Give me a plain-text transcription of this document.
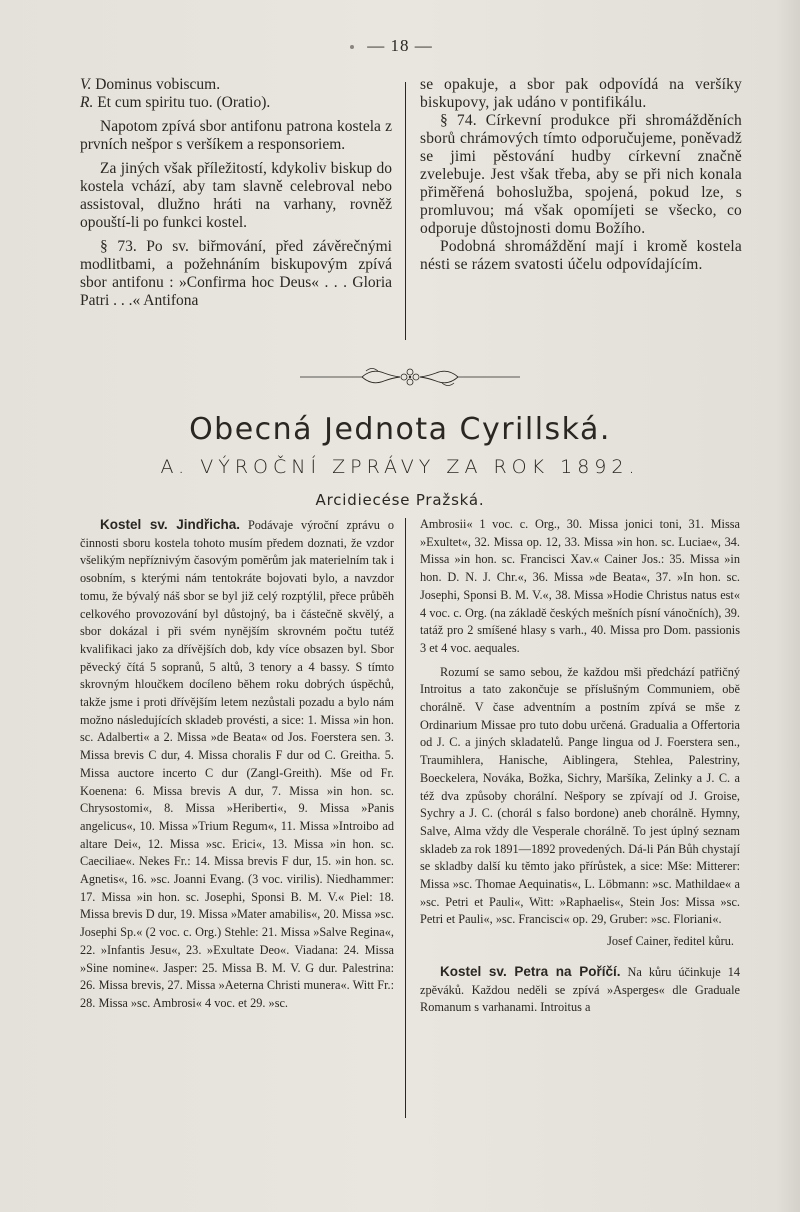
— 18 —

V. Dominus vobiscum.

R. Et cum spiritu tuo. (Oratio).

Napotom zpívá sbor antifonu patrona kostela z prvních nešpor s veršíkem a responsoriem.

Za jiných však příležitostí, kdykoliv biskup do kostela vchází, aby tam slavně celebroval nebo assistoval, dlužno hráti na varhany, rovněž opouští-li po funkci kostel.

§ 73. Po sv. biřmování, před závěrečnými modlitbami, a požehnáním biskupovým zpívá sbor antifonu : »Confirma hoc Deus« . . . Gloria Patri . . .« Antifona

se opakuje, a sbor pak odpovídá na veršíky biskupovy, jak udáno v pontifikálu.

§ 74. Církevní produkce při shromážděních sborů chrámových tímto odporučujeme, poněvadž se jimi pěstování hudby církevní značně zvelebuje. Jest však třeba, aby se při nich konala přiměřená bohoslužba, spojená, pokud lze, s promluvou; má však opomíjeti se všecko, co odporuje důstojnosti domu Božího.

Podobná shromáždění mají i kromě kostela nésti se rázem svatosti účelu odpovídajícím.

Obecná Jednota Cyrillská.
A. VÝROČNÍ ZPRÁVY ZA ROK 1892.
Arcidiecése Pražská.

Kostel sv. Jindřicha. Podávaje výroční zprávu o činnosti sboru kostela tohoto musím předem doznati, že vzdor všelikým nepříznivým časovým poměrům jak materielním tak i osobním, s kterými nám tentokráte bojovati bylo, a navzdor tomu, že bývalý náš sbor se byl již celý rozptýlil, přece průběh celkového provozování byl důstojný, ba i částečně skvělý, a sbor dokázal i při svém nynějším skrovném počtu tutéž kvalifikaci jako za dřívějších dob, kdy více obsazen byl. Sbor pěvecký čítá 5 sopranů, 5 altů, 3 tenory a 4 bassy. S tímto skrovným hloučkem docíleno během roku dobrých úspěchů, takže jsme i proti dřívějším letem nezůstali pozadu a bylo nám možno následujících skladeb provésti, a sice: 1. Missa »in hon. sc. Adalberti« a 2. Missa »de Beata« od Jos. Foerstera sen. 3. Missa brevis C dur, 4. Missa choralis F dur od C. Greitha. 5. Missa auctore incerto C dur (Zangl-Greith). Mše od Fr. Koenena: 6. Missa brevis A dur, 7. Missa »in hon. sc. Chrysostomi«, 8. Missa »Heriberti«, 9. Missa »Panis angelicus«, 10. Missa »Trium Regum«, 11. Missa »Introibo ad altare Dei«, 12. Missa »sc. Erici«, 13. Missa »in hon. sc. Caeciliae«. Nekes Fr.: 14. Missa brevis F dur, 15. »in hon. sc. Agnetis«, 16. »sc. Joanni Evang. (3 voc. virilis). Niedhammer: 17. Missa »in hon. sc. Josephi, Sponsi B. M. V.« Piel: 18. Missa brevis D dur, 19. Missa »Mater amabilis«, 20. Missa »sc. Josephi Sp.« (2 voc. c. Org.) Stehle: 21. Missa »Salve Regina«, 22. »Infantis Jesu«, 23. »Exultate Deo«. Viadana: 24. Missa »Sine nomine«. Jasper: 25. Missa B. M. V. G dur. Palestrina: 26. Missa brevis, 27. Missa »Aeterna Christi munera«. Witt Fr.: 28. Missa »sc. Ambrosi« 4 voc. et 29. »sc.

Ambrosii« 1 voc. c. Org., 30. Missa jonici toni, 31. Missa »Exultet«, 32. Missa op. 12, 33. Missa »in hon. sc. Luciae«, 34. Missa »in hon. sc. Francisci Xav.« Cainer Jos.: 35. Missa »in hon. D. N. J. Chr.«, 36. Missa »de Beata«, 37. »In hon. sc. Josephi, Sponsi B. M. V.«, 38. Missa »Hodie Christus natus est« 4 voc. c. Org. (na základě českých mešních písní vánočních), 39. tatáž pro 2 smíšené hlasy s varh., 40. Missa pro Dom. passionis 3 et 4 voc. aequales.

Rozumí se samo sebou, že každou mši předchází patřičný Introitus a tato zakončuje se příslušným Communiem, obě chorálně. V čase adventním a postním zpívá se mše z Ordinarium Missae pro tuto dobu určená. Gradualia a Offertoria od J. C. a jiných skladatelů. Pange lingua od J. Foerstera sen., Traumihlera, Hanische, Aiblingera, Stehlea, Palestriny, Boeckelera, Nováka, Božka, Sichry, Maršíka, Zelinky a J. C. a též dva způsoby chorální. Nešpory se zpívají od J. Groise, Sychry a J. C. (chorál s falso bordone) aneb chorálně. Hymny, Salve, Alma vždy dle Vesperale chorálně. To jest úplný seznam skladeb za rok 1891—1892 provedených. Dá-li Pán Bůh chystají se skladby další ku těmto jako přírůstek, a sice: Mše: Mitterer: Missa »sc. Thomae Aequinatis«, L. Löbmann: »sc. Mathildae« a »sc. Petri et Pauli«, Witt: »Raphaelis«, Stein Jos: Missa »sc. Petri et Pauli«, »sc. Francisci« op. 29, Gruber: »sc. Floriani«.

Josef Cainer, ředitel kůru.

Kostel sv. Petra na Poříčí. Na kůru účinkuje 14 zpěváků. Každou neděli se zpívá »Asperges« dle Graduale Romanum s varhanami. Introitus a
